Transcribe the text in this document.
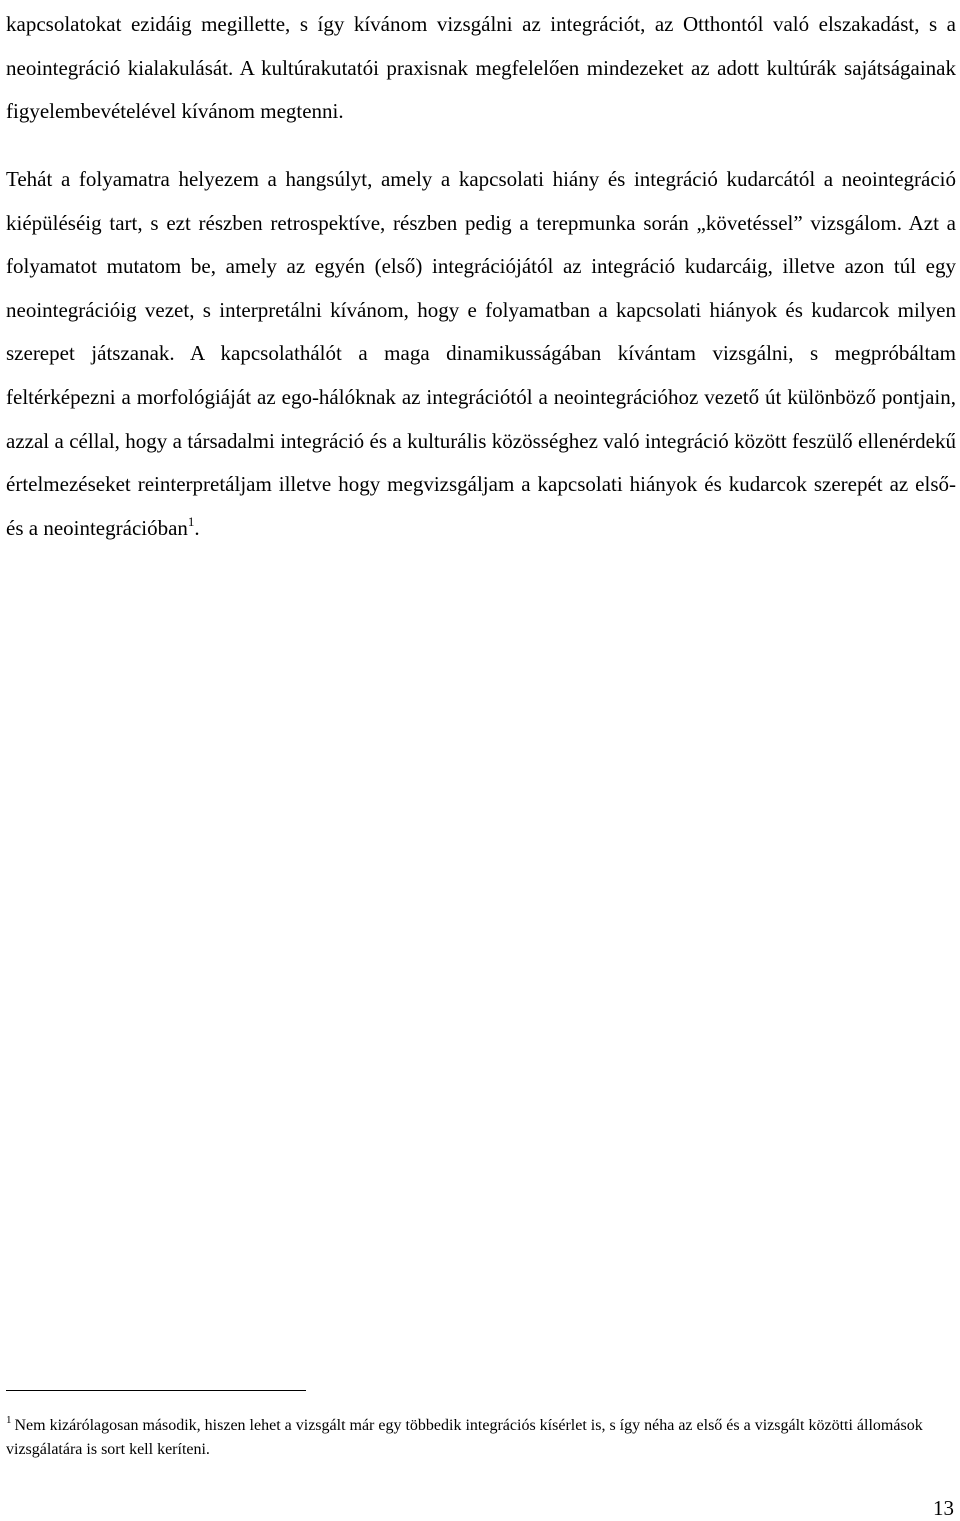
kapcsolatokat ezidáig megillette, s így kívánom vizsgálni az integrációt, az Otthontól való elszakadást, s a neointegráció kialakulását. A kultúrakutatói praxisnak megfelelően mindezeket az adott kultúrák sajátságainak figyelembevételével kívánom megtenni.

Tehát a folyamatra helyezem a hangsúlyt, amely a kapcsolati hiány és integráció kudarcától a neointegráció kiépüléséig tart, s ezt részben retrospektíve, részben pedig a terepmunka során „követéssel” vizsgálom. Azt a folyamatot mutatom be, amely az egyén (első) integrációjától az integráció kudarcáig, illetve azon túl egy neointegrációig vezet, s interpretálni kívánom, hogy e folyamatban a kapcsolati hiányok és kudarcok milyen szerepet játszanak. A kapcsolathálót a maga dinamikusságában kívántam vizsgálni, s megpróbáltam feltérképezni a morfológiáját az ego-hálóknak az integrációtól a neointegrációhoz vezető út különböző pontjain, azzal a céllal, hogy a társadalmi integráció és a kulturális közösséghez való integráció között feszülő ellenérdekű értelmezéseket reinterpretáljam illetve hogy megvizsgáljam a kapcsolati hiányok és kudarcok szerepét az első- és a neointegrációban$^1$.

$^1$ Nem kizárólagosan második, hiszen lehet a vizsgált már egy többedik integrációs kísérlet is, s így néha az első és a vizsgált közötti állomások vizsgálatára is sort kell keríteni.

13
